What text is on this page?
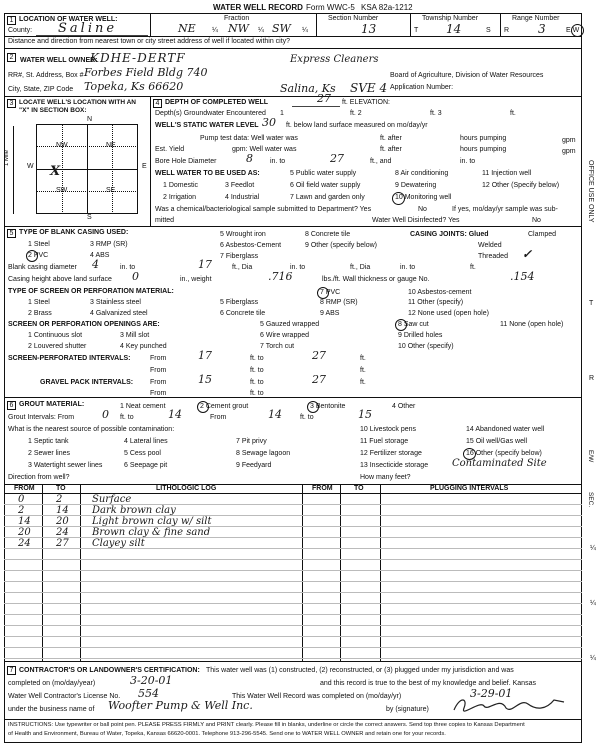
WATER WELL RECORD Form WWC-5 KSA 82a-1212
1 LOCATION OF WATER WELL:
County: Saline
Fraction
NE ¼ NW ¼ SW ¼
Section Number
13
Township Number
T 14	S
Range Number
R 3	E W
Distance and direction from nearest town or city street address of well if located within city?
2 WATER WELL OWNER:
KDHE-DERTF	Express Cleaners
RR#, St. Address, Box # Forbes Field Bldg 740
City, State, ZIP Code Topeka, Ks 66620
Board of Agriculture, Division of Water Resources
Application Number:
Salina, Ks SVE 4
3 LOCATE WELL'S LOCATION WITH AN "X" IN SECTION BOX:
N
S
W	E
1 Mile
NW	NE
SW	SE
X
4 DEPTH OF COMPLETED WELL	27 ft. ELEVATION:
Depth(s) Groundwater Encountered 1	ft. 2	ft. 3	ft.
WELL'S STATIC WATER LEVEL 30 ft. below land surface measured on mo/day/yr
Pump test data: Well water was	ft. after	hours pumping	gpm
Est. Yield	gpm: Well water was	ft. after	hours pumping	gpm
Bore Hole Diameter	8 in. to	27	ft., and	in. to
WELL WATER TO BE USED AS:	5 Public water supply	8 Air conditioning	11 Injection well
1 Domestic	3 Feedlot	6 Oil field water supply	9 Dewatering	12 Other (Specify below)
2 Irrigation	4 Industrial	7 Lawn and garden only	10 Monitoring well
Was a chemical/bacteriological sample submitted to Department? Yes	No	If yes, mo/day/yr sample was sub-
mitted	Water Well Disinfected? Yes	No
5 TYPE OF BLANK CASING USED:
1 Steel	3 RMP (SR)
5 Wrought iron	8 Concrete tile
2 PVC	4 ABS
6 Asbestos-Cement	9 Other (specify below)
7 Fiberglass
CASING JOINTS: Glued	Clamped
Welded
Threaded ✓
Blank casing diameter 4	in. to	17	ft., Dia	in. to	ft., Dia	in. to	ft.
Casing height above land surface 0	in., weight	.716	lbs./ft. Wall thickness or gauge No.	.154
TYPE OF SCREEN OR PERFORATION MATERIAL:
1 Steel	3 Stainless steel	5 Fiberglass
7 PVC	10 Asbestos-cement
2 Brass	4 Galvanized steel	6 Concrete tile
8 RMP (SR)	11 Other (specify)
9 ABS	12 None used (open hole)
SCREEN OR PERFORATION OPENINGS ARE:	5 Gauzed wrapped	8 Saw cut	11 None (open hole)
1 Continuous slot	3 Mill slot	6 Wire wrapped	9 Drilled holes
2 Louvered shutter	4 Key punched	7 Torch cut	10 Other (specify)
SCREEN-PERFORATED INTERVALS:	From	17	ft. to	27	ft.
From	ft. to	ft.
GRAVEL PACK INTERVALS: From	15	ft. to	27	ft.
From	ft. to
6 GROUT MATERIAL:	1 Neat cement	2 Cement grout	3 Bentonite	4 Other
Grout Intervals: From	0 ft. to	14	From	14	ft. to	15
What is the nearest source of possible contamination:	10 Livestock pens	14 Abandoned water well
1 Septic tank	4 Lateral lines	7 Pit privy	11 Fuel storage	15 Oil well/Gas well
2 Sewer lines	5 Cess pool	8 Sewage lagoon	12 Fertilizer storage	16 Other (specify below)
3 Watertight sewer lines	6 Seepage pit	9 Feedyard	13 Insecticide storage Contaminated Site
Direction from well?	How many feet?
FROM	TO	LITHOLOGIC LOG	FROM	TO	PLUGGING INTERVALS
0	2	Surface
2	14 Dark brown clay
14	20 Light brown clay w/ silt
20	24 Brown clay & fine sand
24	27 Clayey silt
7 CONTRACTOR'S OR LANDOWNER'S CERTIFICATION: This water well was (1) constructed, (2) reconstructed, or (3) plugged under my jurisdiction and was
completed on (mo/day/year)	3-20-01	and this record is true to the best of my knowledge and belief. Kansas
Water Well Contractor's License No. 554	This Water Well Record was completed on (mo/day/yr)	3-29-01
under the business name of Woofter Pump & Well Inc.	by (signature)
INSTRUCTIONS: Use typewriter or ball point pen. PLEASE PRESS FIRMLY and PRINT clearly. Please fill in blanks, underline or circle the correct answers. Send top three copies to Kansas Department
of Health and Environment, Bureau of Water, Topeka, Kansas 66620-0001. Telephone 913-296-5545. Send one to WATER WELL OWNER and retain one for your records.
OFFICE USE ONLY
T
R
E/W
SEC.
¼
¼
¼
